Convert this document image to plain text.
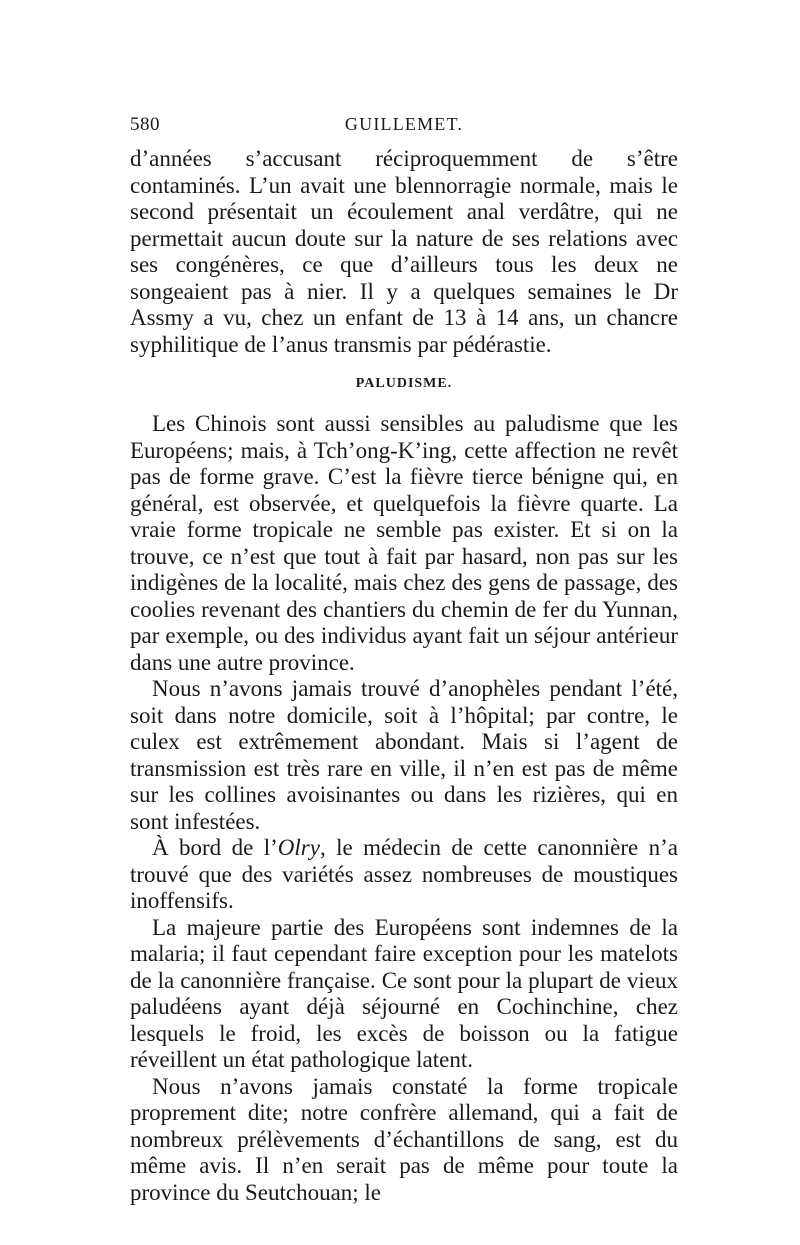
580	GUILLEMET.

d’années s’accusant réciproquemment de s’être contaminés. L’un avait une blennorragie normale, mais le second présentait un écoulement anal verdâtre, qui ne permettait aucun doute sur la nature de ses relations avec ses congénères, ce que d’ailleurs tous les deux ne songeaient pas à nier. Il y a quelques semaines le Dr Assmy a vu, chez un enfant de 13 à 14 ans, un chancre syphilitique de l’anus transmis par pédérastie.

PALUDISME.

Les Chinois sont aussi sensibles au paludisme que les Européens; mais, à Tch’ong-K’ing, cette affection ne revêt pas de forme grave. C’est la fièvre tierce bénigne qui, en général, est observée, et quelquefois la fièvre quarte. La vraie forme tropicale ne semble pas exister. Et si on la trouve, ce n’est que tout à fait par hasard, non pas sur les indigènes de la localité, mais chez des gens de passage, des coolies revenant des chantiers du chemin de fer du Yunnan, par exemple, ou des individus ayant fait un séjour antérieur dans une autre province.

Nous n’avons jamais trouvé d’anophèles pendant l’été, soit dans notre domicile, soit à l’hôpital; par contre, le culex est extrêmement abondant. Mais si l’agent de transmission est très rare en ville, il n’en est pas de même sur les collines avoisinantes ou dans les rizières, qui en sont infestées.

À bord de l’Olry, le médecin de cette canonnière n’a trouvé que des variétés assez nombreuses de moustiques inoffensifs.

La majeure partie des Européens sont indemnes de la malaria; il faut cependant faire exception pour les matelots de la canonnière française. Ce sont pour la plupart de vieux paludéens ayant déjà séjourné en Cochinchine, chez lesquels le froid, les excès de boisson ou la fatigue réveillent un état pathologique latent.

Nous n’avons jamais constaté la forme tropicale proprement dite; notre confrère allemand, qui a fait de nombreux prélèvements d’échantillons de sang, est du même avis. Il n’en serait pas de même pour toute la province du Seutchouan; le
